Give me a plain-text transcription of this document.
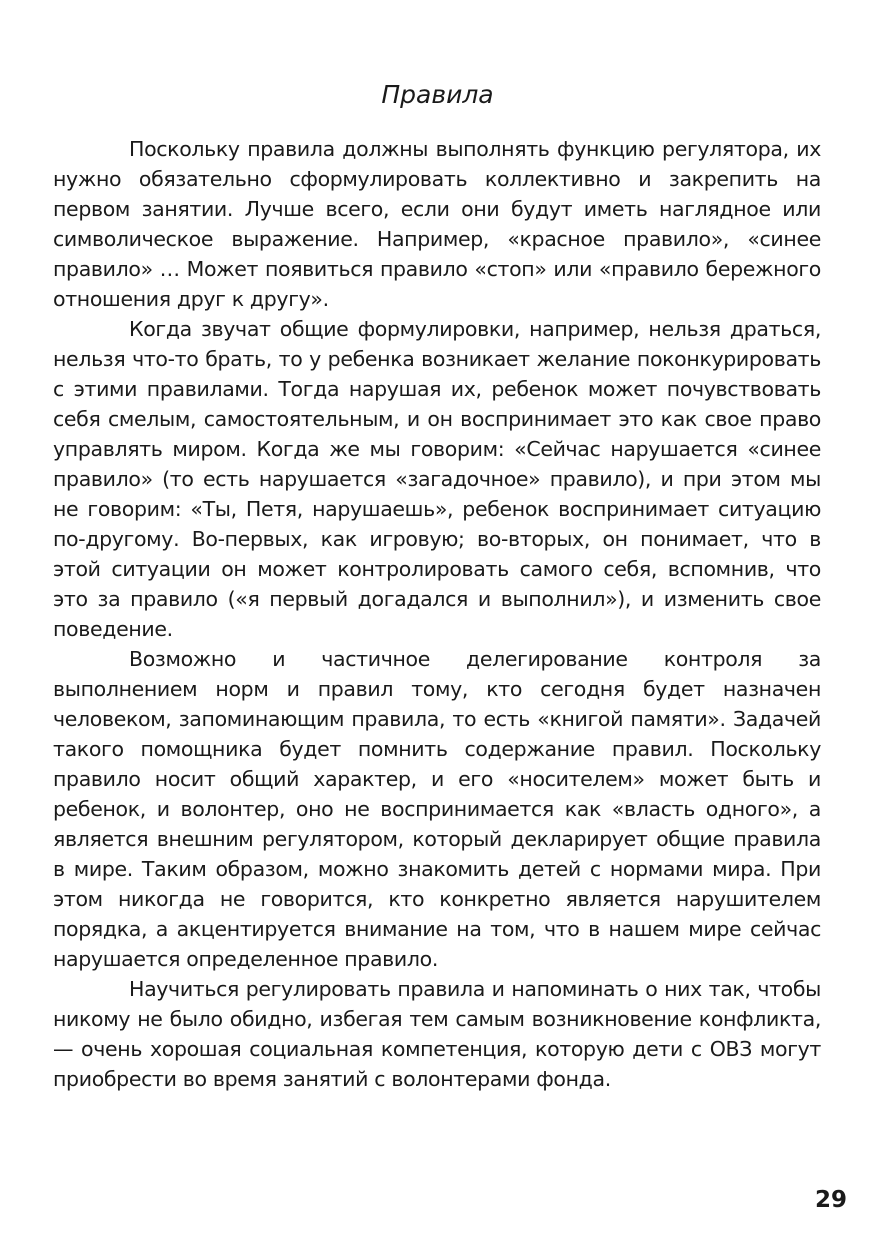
Правила

Поскольку правила должны выполнять функцию регулятора, их нужно обязательно сформулировать коллективно и закрепить на первом занятии. Лучше всего, если они будут иметь наглядное или символическое выражение. Например, «красное правило», «синее правило» … Может появиться правило «стоп» или «правило бережного отношения друг к другу».

Когда звучат общие формулировки, например, нельзя драться, нельзя что-то брать, то у ребенка возникает желание поконкурировать с этими правилами. Тогда нарушая их, ребенок может почувствовать себя смелым, самостоятельным, и он воспринимает это как свое право управлять миром. Когда же мы говорим: «Сейчас нарушается «синее правило» (то есть нарушается «загадочное» правило), и при этом мы не говорим: «Ты, Петя, нарушаешь», ребенок воспринимает ситуацию по-другому. Во-первых, как игровую; во-вторых, он понимает, что в этой ситуации он может контролировать самого себя, вспомнив, что это за правило («я первый догадался и выполнил»), и изменить свое поведение.

Возможно и частичное делегирование контроля за выполнением норм и правил тому, кто сегодня будет назначен человеком, запоминающим правила, то есть «книгой памяти». Задачей такого помощника будет помнить содержание правил. Поскольку правило носит общий характер, и его «носителем» может быть и ребенок, и волонтер, оно не воспринимается как «власть одного», а является внешним регулятором, который декларирует общие правила в мире. Таким образом, можно знакомить детей с нормами мира. При этом никогда не говорится, кто конкретно является нарушителем порядка, а акцентируется внимание на том, что в нашем мире сейчас нарушается определенное правило.

Научиться регулировать правила и напоминать о них так, чтобы никому не было обидно, избегая тем самым возникновение конфликта, — очень хорошая социальная компетенция, которую дети с ОВЗ могут приобрести во время занятий с волонтерами фонда.

29
